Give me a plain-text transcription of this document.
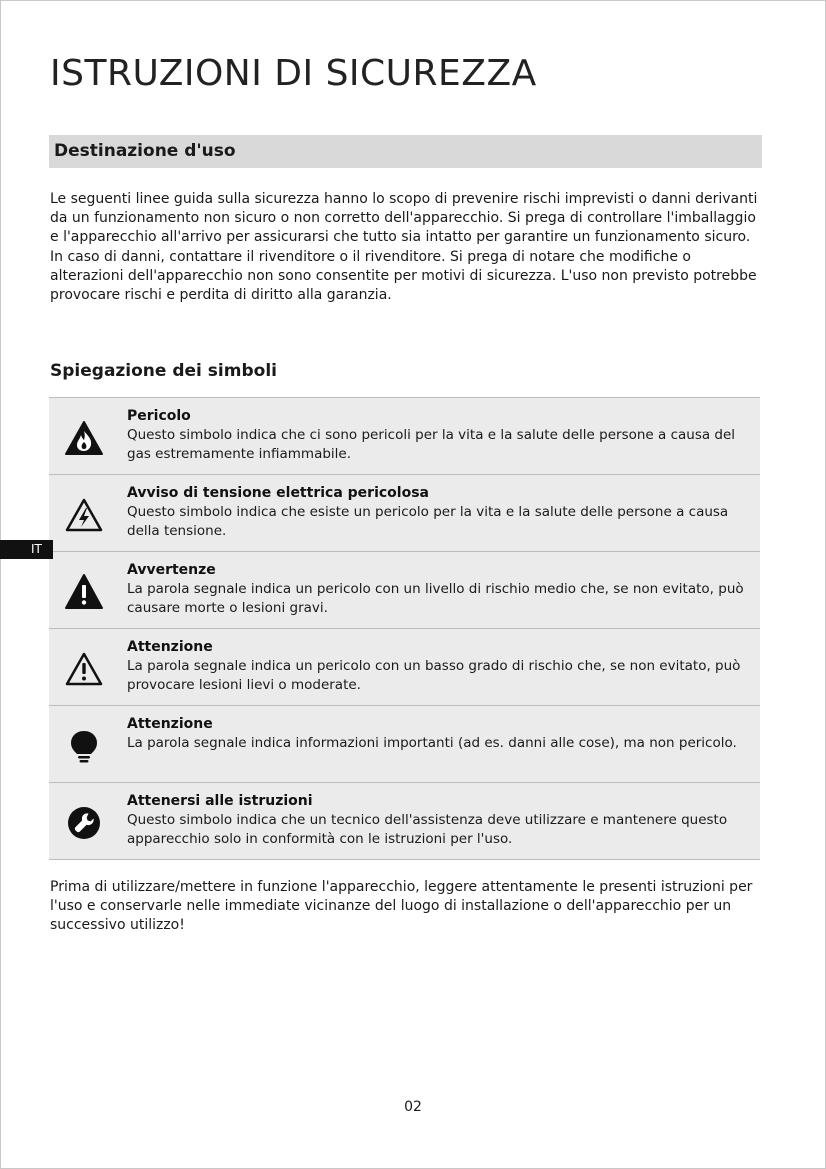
ISTRUZIONI DI SICUREZZA
Destinazione d'uso

Le seguenti linee guida sulla sicurezza hanno lo scopo di prevenire rischi imprevisti o danni derivanti da un funzionamento non sicuro o non corretto dell'apparecchio. Si prega di controllare l'imballaggio e l'apparecchio all'arrivo per assicurarsi che tutto sia intatto per garantire un funzionamento sicuro. In caso di danni, contattare il rivenditore o il rivenditore. Si prega di notare che modifiche o alterazioni dell'apparecchio non sono consentite per motivi di sicurezza. L'uso non previsto potrebbe provocare rischi e perdita di diritto alla garanzia.

Spiegazione dei simboli
Pericolo
Questo simbolo indica che ci sono pericoli per la vita e la salute delle persone a causa del gas estremamente infiammabile.
Avviso di tensione elettrica pericolosa
Questo simbolo indica che esiste un pericolo per la vita e la salute delle persone a causa della tensione.
Avvertenze
La parola segnale indica un pericolo con un livello di rischio medio che, se non evitato, può causare morte o lesioni gravi.
Attenzione
La parola segnale indica un pericolo con un basso grado di rischio che, se non evitato, può provocare lesioni lievi o moderate.
Attenzione
La parola segnale indica informazioni importanti (ad es. danni alle cose), ma non pericolo.
Attenersi alle istruzioni
Questo simbolo indica che un tecnico dell'assistenza deve utilizzare e mantenere questo apparecchio solo in conformità con le istruzioni per l'uso.
IT

Prima di utilizzare/mettere in funzione l'apparecchio, leggere attentamente le presenti istruzioni per l'uso e conservarle nelle immediate vicinanze del luogo di installazione o dell'apparecchio per un successivo utilizzo!

02
